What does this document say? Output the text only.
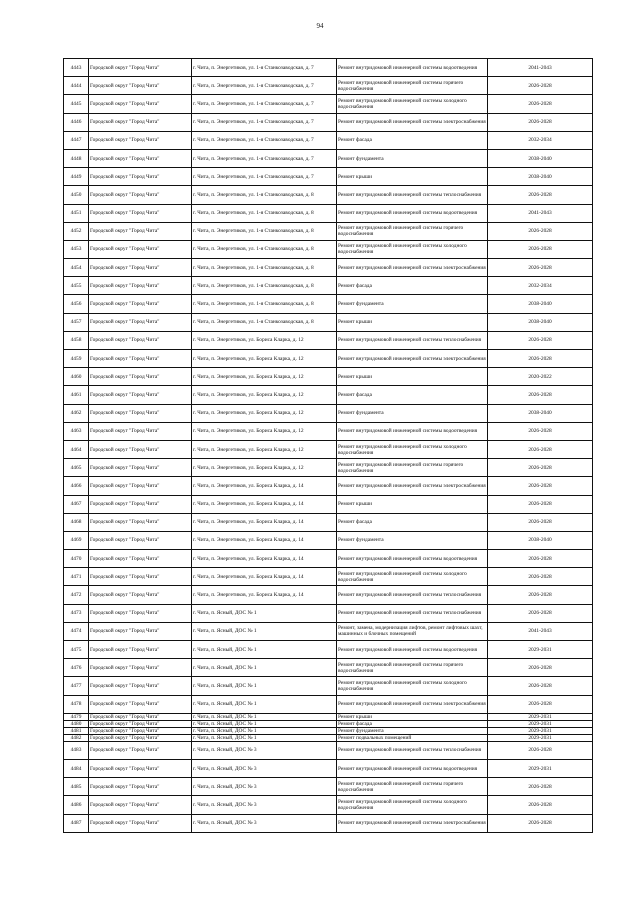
94
4443	Городской округ "Город Чита"	г. Чита, п. Энергетиков, ул. 1-я Станкозаводская, д. 7	Ремонт внутридомовой инженерной системы водоотведения	2041-2043
4444	Городской округ "Город Чита"	г. Чита, п. Энергетиков, ул. 1-я Станкозаводская, д. 7	Ремонт внутридомовой инженерной системы горячего водоснабжения	2026-2028
4445	Городской округ "Город Чита"	г. Чита, п. Энергетиков, ул. 1-я Станкозаводская, д. 7	Ремонт внутридомовой инженерной системы холодного водоснабжения	2026-2028
4446	Городской округ "Город Чита"	г. Чита, п. Энергетиков, ул. 1-я Станкозаводская, д. 7	Ремонт внутридомовой инженерной системы электроснабжения	2026-2028
4447	Городской округ "Город Чита"	г. Чита, п. Энергетиков, ул. 1-я Станкозаводская, д. 7	Ремонт фасада	2032-2034
4448	Городской округ "Город Чита"	г. Чита, п. Энергетиков, ул. 1-я Станкозаводская, д. 7	Ремонт фундамента	2038-2040
4449	Городской округ "Город Чита"	г. Чита, п. Энергетиков, ул. 1-я Станкозаводская, д. 7	Ремонт крыши	2038-2040
4450	Городской округ "Город Чита"	г. Чита, п. Энергетиков, ул. 1-я Станкозаводская, д. 8	Ремонт внутридомовой инженерной системы теплоснабжения	2026-2028
4451	Городской округ "Город Чита"	г. Чита, п. Энергетиков, ул. 1-я Станкозаводская, д. 8	Ремонт внутридомовой инженерной системы водоотведения	2041-2043
4452	Городской округ "Город Чита"	г. Чита, п. Энергетиков, ул. 1-я Станкозаводская, д. 8	Ремонт внутридомовой инженерной системы горячего водоснабжения	2026-2028
4453	Городской округ "Город Чита"	г. Чита, п. Энергетиков, ул. 1-я Станкозаводская, д. 8	Ремонт внутридомовой инженерной системы холодного водоснабжения	2026-2028
4454	Городской округ "Город Чита"	г. Чита, п. Энергетиков, ул. 1-я Станкозаводская, д. 8	Ремонт внутридомовой инженерной системы электроснабжения	2026-2028
4455	Городской округ "Город Чита"	г. Чита, п. Энергетиков, ул. 1-я Станкозаводская, д. 8	Ремонт фасада	2032-2034
4456	Городской округ "Город Чита"	г. Чита, п. Энергетиков, ул. 1-я Станкозаводская, д. 8	Ремонт фундамента	2038-2040
4457	Городской округ "Город Чита"	г. Чита, п. Энергетиков, ул. 1-я Станкозаводская, д. 8	Ремонт крыши	2038-2040
4458	Городской округ "Город Чита"	г. Чита, п. Энергетиков, ул. Бориса Кларка, д. 12	Ремонт внутридомовой инженерной системы теплоснабжения	2026-2028
4459	Городской округ "Город Чита"	г. Чита, п. Энергетиков, ул. Бориса Кларка, д. 12	Ремонт внутридомовой инженерной системы электроснабжения	2026-2028
4460	Городской округ "Город Чита"	г. Чита, п. Энергетиков, ул. Бориса Кларка, д. 12	Ремонт крыши	2020-2022
4461	Городской округ "Город Чита"	г. Чита, п. Энергетиков, ул. Бориса Кларка, д. 12	Ремонт фасада	2026-2028
4462	Городской округ "Город Чита"	г. Чита, п. Энергетиков, ул. Бориса Кларка, д. 12	Ремонт фундамента	2038-2040
4463	Городской округ "Город Чита"	г. Чита, п. Энергетиков, ул. Бориса Кларка, д. 12	Ремонт внутридомовой инженерной системы водоотведения	2026-2028
4464	Городской округ "Город Чита"	г. Чита, п. Энергетиков, ул. Бориса Кларка, д. 12	Ремонт внутридомовой инженерной системы холодного водоснабжения	2026-2028
4465	Городской округ "Город Чита"	г. Чита, п. Энергетиков, ул. Бориса Кларка, д. 12	Ремонт внутридомовой инженерной системы горячего водоснабжения	2026-2028
4466	Городской округ "Город Чита"	г. Чита, п. Энергетиков, ул. Бориса Кларка, д. 14	Ремонт внутридомовой инженерной системы электроснабжения	2026-2028
4467	Городской округ "Город Чита"	г. Чита, п. Энергетиков, ул. Бориса Кларка, д. 14	Ремонт крыши	2026-2028
4468	Городской округ "Город Чита"	г. Чита, п. Энергетиков, ул. Бориса Кларка, д. 14	Ремонт фасада	2026-2028
4469	Городской округ "Город Чита"	г. Чита, п. Энергетиков, ул. Бориса Кларка, д. 14	Ремонт фундамента	2038-2040
4470	Городской округ "Город Чита"	г. Чита, п. Энергетиков, ул. Бориса Кларка, д. 14	Ремонт внутридомовой инженерной системы водоотведения	2026-2028
4471	Городской округ "Город Чита"	г. Чита, п. Энергетиков, ул. Бориса Кларка, д. 14	Ремонт внутридомовой инженерной системы холодного водоснабжения	2026-2028
4472	Городской округ "Город Чита"	г. Чита, п. Энергетиков, ул. Бориса Кларка, д. 14	Ремонт внутридомовой инженерной системы теплоснабжения	2026-2028
4473	Городской округ "Город Чита"	г. Чита, п. Ясный, ДОС № 1	Ремонт внутридомовой инженерной системы теплоснабжения	2026-2028
4474	Городской округ "Город Чита"	г. Чита, п. Ясный, ДОС № 1	Ремонт, замена, модернизация лифтов, ремонт лифтовых шахт, машинных и блочных помещений	2041-2043
4475	Городской округ "Город Чита"	г. Чита, п. Ясный, ДОС № 1	Ремонт внутридомовой инженерной системы водоотведения	2029-2031
4476	Городской округ "Город Чита"	г. Чита, п. Ясный, ДОС № 1	Ремонт внутридомовой инженерной системы горячего водоснабжения	2026-2028
4477	Городской округ "Город Чита"	г. Чита, п. Ясный, ДОС № 1	Ремонт внутридомовой инженерной системы холодного водоснабжения	2026-2028
4478	Городской округ "Город Чита"	г. Чита, п. Ясный, ДОС № 1	Ремонт внутридомовой инженерной системы электроснабжения	2026-2028
4479	Городской округ "Город Чита"	г. Чита, п. Ясный, ДОС № 1	Ремонт крыши	2029-2031
4480	Городской округ "Город Чита"	г. Чита, п. Ясный, ДОС № 1	Ремонт фасада	2029-2031
4481	Городской округ "Город Чита"	г. Чита, п. Ясный, ДОС № 1	Ремонт фундамента	2029-2031
4482	Городской округ "Город Чита"	г. Чита, п. Ясный, ДОС № 1	Ремонт подвальных помещений	2029-2031
4483	Городской округ "Город Чита"	г. Чита, п. Ясный, ДОС № 3	Ремонт внутридомовой инженерной системы теплоснабжения	2026-2028
4484	Городской округ "Город Чита"	г. Чита, п. Ясный, ДОС № 3	Ремонт внутридомовой инженерной системы водоотведения	2029-2031
4485	Городской округ "Город Чита"	г. Чита, п. Ясный, ДОС № 3	Ремонт внутридомовой инженерной системы горячего водоснабжения	2026-2028
4486	Городской округ "Город Чита"	г. Чита, п. Ясный, ДОС № 3	Ремонт внутридомовой инженерной системы холодного водоснабжения	2026-2028
4487	Городской округ "Город Чита"	г. Чита, п. Ясный, ДОС № 3	Ремонт внутридомовой инженерной системы электроснабжения	2026-2028
